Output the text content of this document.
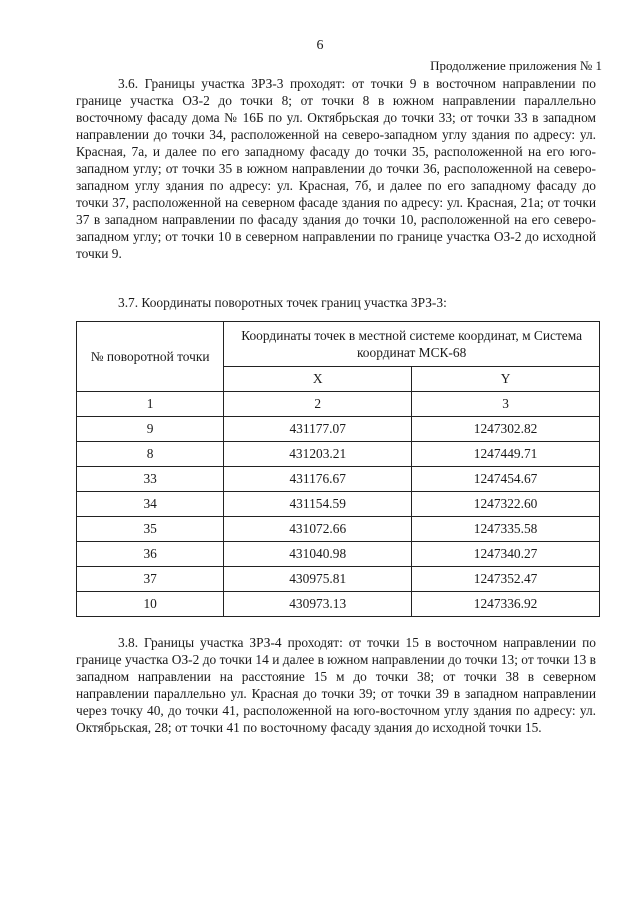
6
Продолжение приложения № 1

3.6. Границы участка ЗРЗ-3 проходят: от точки 9 в восточном направлении по границе участка ОЗ-2 до точки 8; от точки 8 в южном направлении параллельно восточному фасаду дома № 16Б по ул. Октябрьская до точки 33; от точки 33 в западном направлении до точки 34, расположенной на северо-западном углу здания по адресу: ул. Красная, 7а, и далее по его западному фасаду до точки 35, расположенной на его юго-западном углу; от точки 35 в южном направлении до точки 36, расположенной на северо-западном углу здания по адресу: ул. Красная, 7б, и далее по его западному фасаду до точки 37, расположенной на северном фасаде здания по адресу: ул. Красная, 21а; от точки 37 в западном направлении по фасаду здания до точки 10, расположенной на его северо-западном углу; от точки 10 в северном направлении по границе участка ОЗ-2 до исходной точки 9.

3.7. Координаты поворотных точек границ участка ЗРЗ-3:

№ поворотной точки	Координаты точек в местной системе координат, м Система координат МСК-68	
	X	Y
1	2	3
9	431177.07	1247302.82
8	431203.21	1247449.71
33	431176.67	1247454.67
34	431154.59	1247322.60
35	431072.66	1247335.58
36	431040.98	1247340.27
37	430975.81	1247352.47
10	430973.13	1247336.92

3.8. Границы участка ЗРЗ-4 проходят: от точки 15 в восточном направлении по границе участка ОЗ-2 до точки 14 и далее в южном направлении до точки 13; от точки 13 в западном направлении на расстояние 15 м до точки 38; от точки 38 в северном направлении параллельно ул. Красная до точки 39; от точки 39 в западном направлении через точку 40, до точки 41, расположенной на юго-восточном углу здания по адресу: ул. Октябрьская, 28; от точки 41 по восточному фасаду здания до исходной точки 15.
